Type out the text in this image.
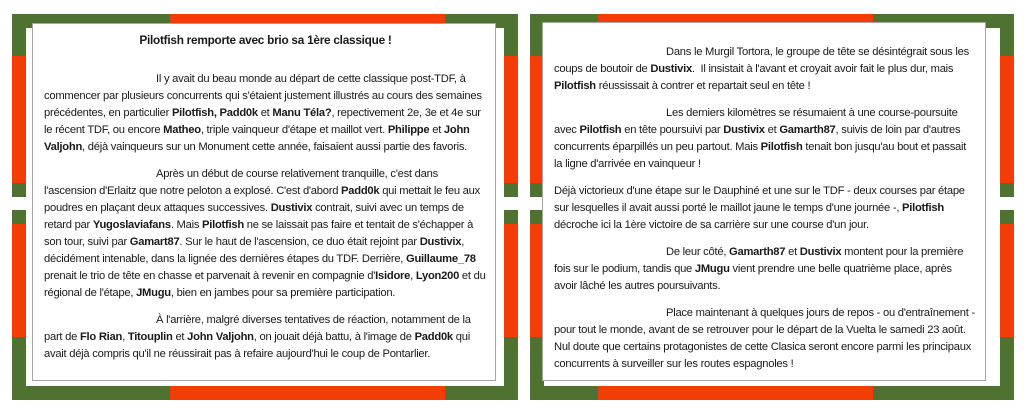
Pilotfish remporte avec brio sa 1ère classique !

Il y avait du beau monde au départ de cette classique post-TDF, à commencer par plusieurs concurrents qui s'étaient justement illustrés au cours des semaines précédentes, en particulier Pilotfish, Padd0k et Manu Téla?, repectivement 2e, 3e et 4e sur le récent TDF, ou encore Matheo, triple vainqueur d'étape et maillot vert. Philippe et John Valjohn, déjà vainqueurs sur un Monument cette année, faisaient aussi partie des favoris.

Après un début de course relativement tranquille, c'est dans l'ascension d'Erlaitz que notre peloton a explosé. C'est d'abord Padd0k qui mettait le feu aux poudres en plaçant deux attaques successives. Dustivix contrait, suivi avec un temps de retard par Yugoslaviafans. Mais Pilotfish ne se laissait pas faire et tentait de s'échapper à son tour, suivi par Gamart87. Sur le haut de l'ascension, ce duo était rejoint par Dustivix, décidément intenable, dans la lignée des dernières étapes du TDF. Derrière, Guillaume_78 prenait le trio de tête en chasse et parvenait à revenir en compagnie d'Isidore, Lyon200 et du régional de l'étape, JMugu, bien en jambes pour sa première participation.

À l'arrière, malgré diverses tentatives de réaction, notamment de la part de Flo Rian, Titouplin et John Valjohn, on jouait déjà battu, à l'image de Padd0k qui avait déjà compris qu'il ne réussirait pas à refaire aujourd'hui le coup de Pontarlier.

Dans le Murgil Tortora, le groupe de tête se désintégrait sous les coups de boutoir de Dustivix.  Il insistait à l'avant et croyait avoir fait le plus dur, mais Pilotfish réussissait à contrer et repartait seul en tête !

Les derniers kilomètres se résumaient à une course-poursuite avec Pilotfish en tête poursuivi par Dustivix et Gamarth87, suivis de loin par d'autres concurrents éparpillés un peu partout. Mais Pilotfish tenait bon jusqu'au bout et passait la ligne d'arrivée en vainqueur !

Déjà victorieux d'une étape sur le Dauphiné et une sur le TDF - deux courses par étape sur lesquelles il avait aussi porté le maillot jaune le temps d'une journée -, Pilotfish décroche ici la 1ère victoire de sa carrière sur une course d'un jour.

De leur côté, Gamarth87 et Dustivix montent pour la première fois sur le podium, tandis que JMugu vient prendre une belle quatrième place, après avoir lâché les autres poursuivants.

Place maintenant à quelques jours de repos - ou d'entraînement - pour tout le monde, avant de se retrouver pour le départ de la Vuelta le samedi 23 août. Nul doute que certains protagonistes de cette Clasica seront encore parmi les principaux concurrents à surveiller sur les routes espagnoles !
